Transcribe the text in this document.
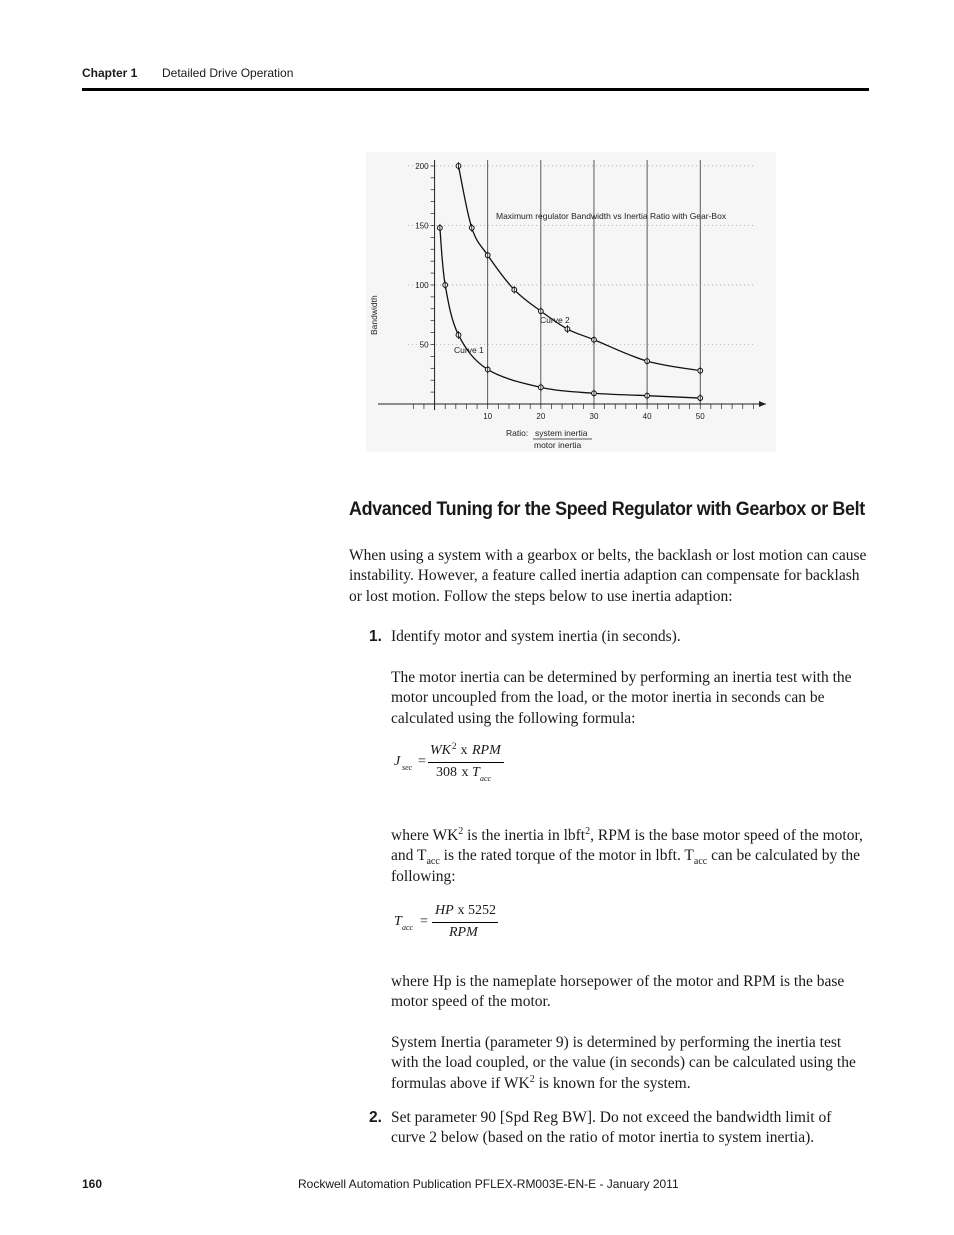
Chapter 1 Detailed Drive Operation
10	20	30	40	50
50
100
150
200
Maximum regulator Bandwidth vs Inertia Ratio with Gear-Box
Bandwidth
Curve 1
Curve 2
Ratio: system inertia
motor inertia
Advanced Tuning for the Speed Regulator with Gearbox or Belt

When using a system with a gearbox or belts, the backlash or lost motion can cause instability. However, a feature called inertia adaption can compensate for backlash or lost motion. Follow the steps below to use inertia adaption:

1. Identify motor and system inertia (in seconds).

The motor inertia can be determined by performing an inertia test with the motor uncoupled from the load, or the motor inertia in seconds can be calculated using the following formula:

J sec =
WK 2 x RPM
308 x T acc

where $WK^2$ is the inertia in lbft$^2$, RPM is the base motor speed of the motor, and $T_{acc}$ is the rated torque of the motor in lbft. $T_{acc}$ can be calculated by the following:

T acc =
HP x 5252
RPM

where Hp is the nameplate horsepower of the motor and RPM is the base motor speed of the motor.

System Inertia (parameter 9) is determined by performing the inertia test with the load coupled, or the value (in seconds) can be calculated using the formulas above if $WK^2$ is known for the system.

2. Set parameter 90 [Spd Reg BW]. Do not exceed the bandwidth limit of curve 2 below (based on the ratio of motor inertia to system inertia).

160	Rockwell Automation Publication PFLEX-RM003E-EN-E - January 2011
